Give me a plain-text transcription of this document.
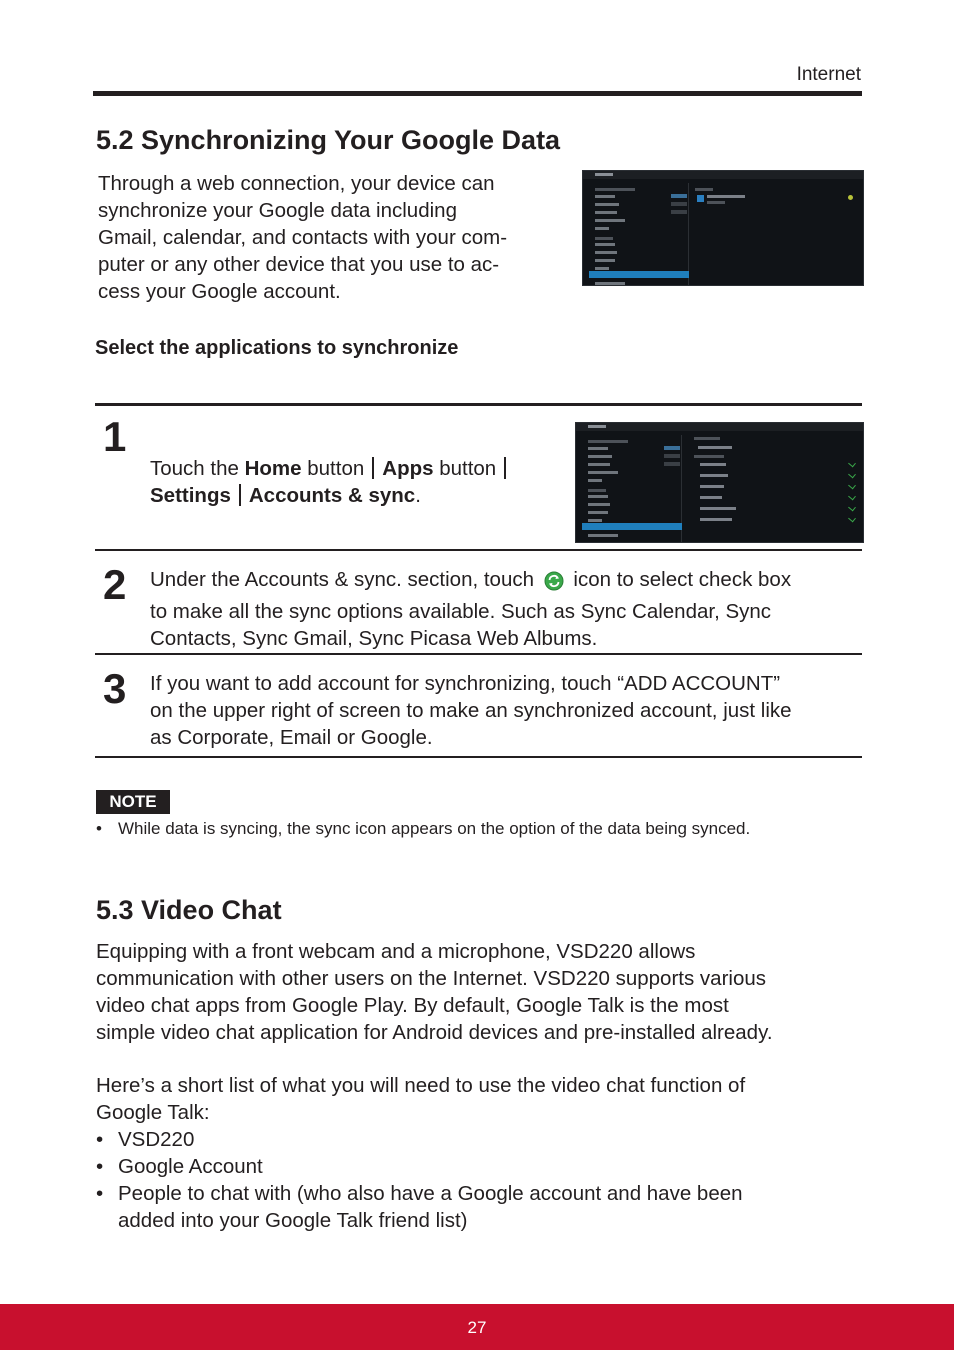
Internet
5.2 Synchronizing Your Google Data
Through a web connection, your device can
synchronize your Google data including
Gmail, calendar, and contacts with your com-
puter or any other device that you use to ac-
cess your Google account.
Select the applications to synchronize
1
Touch the Home button Apps button
Settings Accounts & sync.
2 Under the Accounts & sync. section, touch icon to select check box
to make all the sync options available. Such as Sync Calendar, Sync
Contacts, Sync Gmail, Sync Picasa Web Albums.
3 If you want to add account for synchronizing, touch “ADD ACCOUNT”
on the upper right of screen to make an synchronized account, just like
as Corporate, Email or Google.
NOTE
• While data is syncing, the sync icon appears on the option of the data being synced.
5.3 Video Chat
Equipping with a front webcam and a microphone, VSD220 allows
communication with other users on the Internet. VSD220 supports various
video chat apps from Google Play. By default, Google Talk is the most
simple video chat application for Android devices and pre-installed already.
Here’s a short list of what you will need to use the video chat function of
Google Talk:
• VSD220
• Google Account
• People to chat with (who also have a Google account and have been
added into your Google Talk friend list)
27
